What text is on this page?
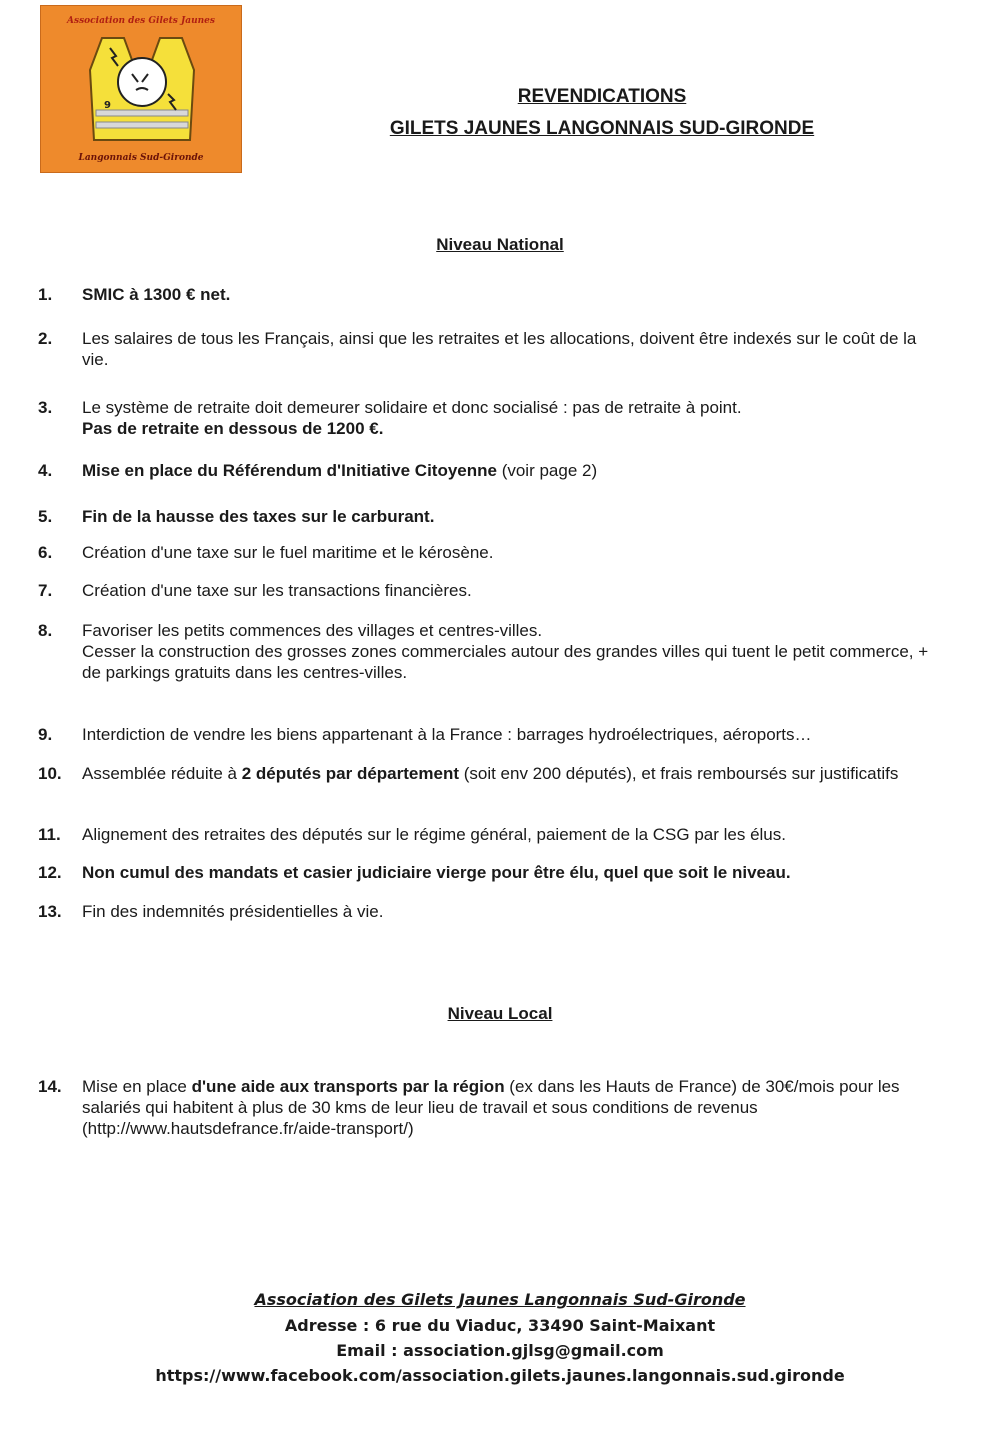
Association des Gilets Jaunes
9
Langonnais Sud-Gironde
REVENDICATIONS
GILETS JAUNES LANGONNAIS SUD-GIRONDE
Niveau National
1. SMIC à 1300 € net.
2. Les salaires de tous les Français, ainsi que les retraites et les allocations, doivent être indexés sur le coût de la vie.
3. Le système de retraite doit demeurer solidaire et donc socialisé : pas de retraite à point.
Pas de retraite en dessous de 1200 €.
4. Mise en place du Référendum d'Initiative Citoyenne (voir page 2)
5. Fin de la hausse des taxes sur le carburant.
6. Création d'une taxe sur le fuel maritime et le kérosène.
7. Création d'une taxe sur les transactions financières.
8. Favoriser les petits commences des villages et centres-villes.
Cesser la construction des grosses zones commerciales autour des grandes villes qui tuent le petit commerce, + de parkings gratuits dans les centres-villes.
9. Interdiction de vendre les biens appartenant à la France : barrages hydroélectriques, aéroports…
10. Assemblée réduite à 2 députés par département (soit env 200 députés), et frais remboursés sur justificatifs
11. Alignement des retraites des députés sur le régime général, paiement de la CSG par les élus.
12. Non cumul des mandats et casier judiciaire vierge pour être élu, quel que soit le niveau.
13. Fin des indemnités présidentielles à vie.
Niveau Local
14. Mise en place d'une aide aux transports par la région (ex dans les Hauts de France) de 30€/mois pour les salariés qui habitent à plus de 30 kms de leur lieu de travail et sous conditions de revenus (http://www.hautsdefrance.fr/aide-transport/)
Association des Gilets Jaunes Langonnais Sud-Gironde
Adresse : 6 rue du Viaduc, 33490 Saint-Maixant
Email : association.gjlsg@gmail.com
https://www.facebook.com/association.gilets.jaunes.langonnais.sud.gironde
